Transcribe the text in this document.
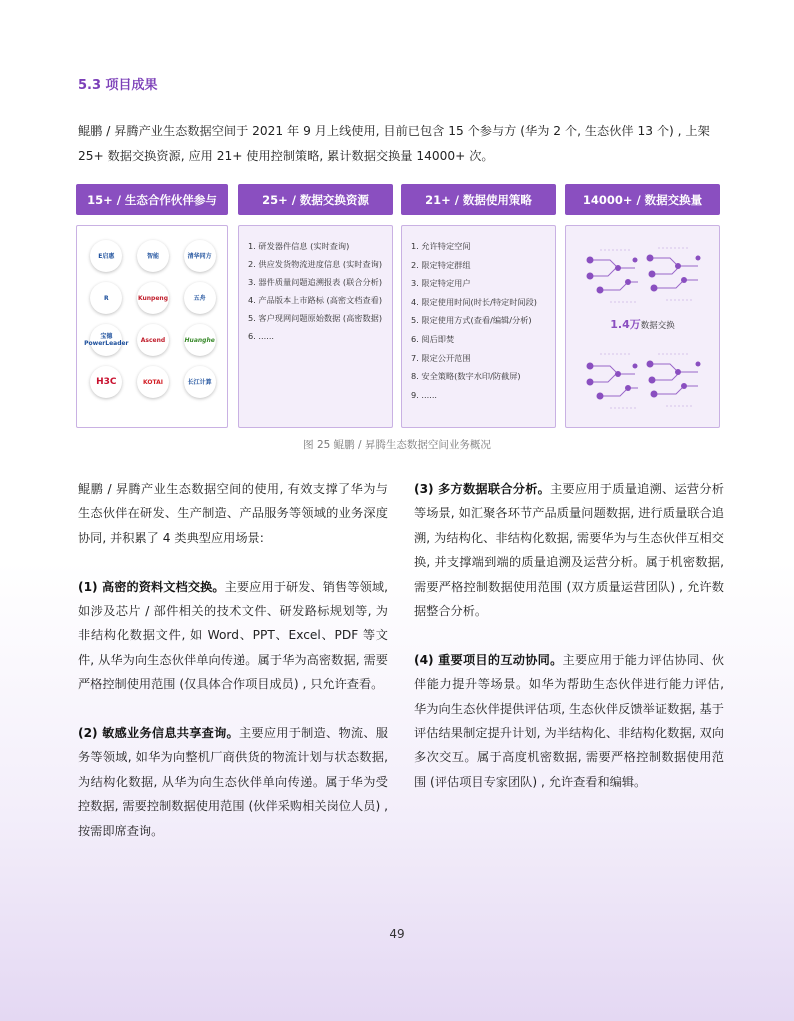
5.3 项目成果

鲲鹏 / 昇腾产业生态数据空间于 2021 年 9 月上线使用, 目前已包含 15 个参与方 (华为 2 个, 生态伙伴 13 个) , 上架 25+ 数据交换资源, 应用 21+ 使用控制策略, 累计数据交换量 14000+ 次。

15+ / 生态合作伙伴参与
E启惠	智能	清华同方
R	Kunpeng	五舟
宝德 PowerLeader	Ascend	Huanghe
H3C	KOTAI	长江计算
25+ / 数据交换资源
1. 研发器件信息 (实时查询)
2. 供应发货物流进度信息 (实时查询)
3. 器件质量问题追溯报表 (联合分析)
4. 产品版本上市路标 (高密文档查看)
5. 客户现网问题原始数据 (高密数据)
6. ......
21+ / 数据使用策略
1. 允许特定空间
2. 限定特定群组
3. 限定特定用户
4. 限定使用时间(时长/特定时间段)
5. 限定使用方式(查看/编辑/分析)
6. 阅后即焚
7. 限定公开范围
8. 安全策略(数字水印/防截屏)
9. ......
14000+ / 数据交换量
1.4万数据交换
图 25 鲲鹏 / 昇腾生态数据空间业务概况

鲲鹏 / 昇腾产业生态数据空间的使用, 有效支撑了华为与生态伙伴在研发、生产制造、产品服务等领域的业务深度协同, 并积累了 4 类典型应用场景:

(1) 高密的资料文档交换。主要应用于研发、销售等领域, 如涉及芯片 / 部件相关的技术文件、研发路标规划等, 为非结构化数据文件, 如 Word、PPT、Excel、PDF 等文件, 从华为向生态伙伴单向传递。属于华为高密数据, 需要严格控制使用范围 (仅具体合作项目成员) , 只允许查看。

(2) 敏感业务信息共享查询。主要应用于制造、物流、服务等领域, 如华为向整机厂商供货的物流计划与状态数据, 为结构化数据, 从华为向生态伙伴单向传递。属于华为受控数据, 需要控制数据使用范围 (伙伴采购相关岗位人员) , 按需即席查询。

(3) 多方数据联合分析。主要应用于质量追溯、运营分析等场景, 如汇聚各环节产品质量问题数据, 进行质量联合追溯, 为结构化、非结构化数据, 需要华为与生态伙伴互相交换, 并支撑端到端的质量追溯及运营分析。属于机密数据, 需要严格控制数据使用范围 (双方质量运营团队) , 允许数据整合分析。

(4) 重要项目的互动协同。主要应用于能力评估协同、伙伴能力提升等场景。如华为帮助生态伙伴进行能力评估, 华为向生态伙伴提供评估项, 生态伙伴反馈举证数据, 基于评估结果制定提升计划, 为半结构化、非结构化数据, 双向多次交互。属于高度机密数据, 需要严格控制数据使用范围 (评估项目专家团队) , 允许查看和编辑。

49
